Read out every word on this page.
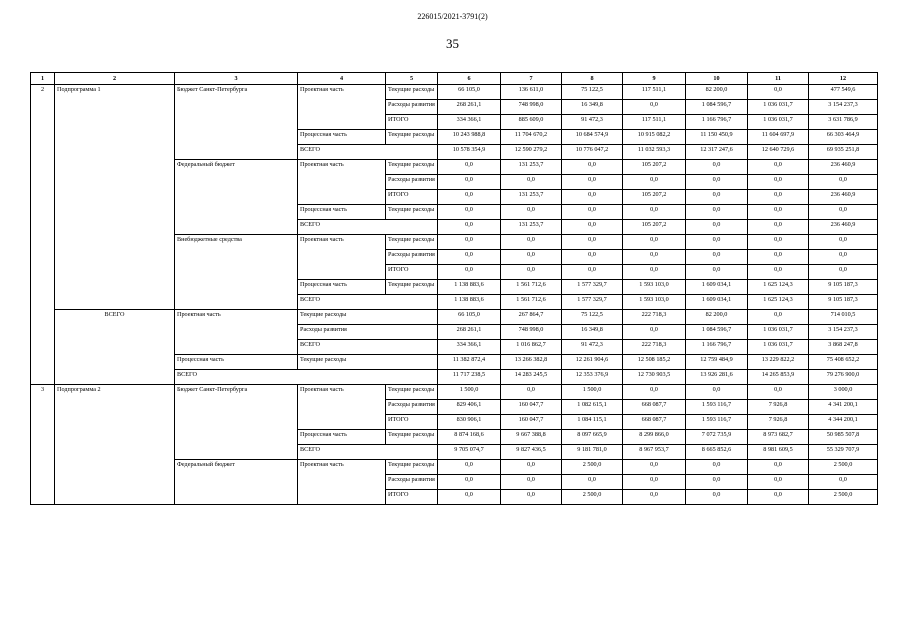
226015/2021-3791(2)
35
1	2	3	4	5	6	7	8	9	10	11	12
2	Подпрограмма 1	Бюджет Санкт-Петербурга	Проектная часть	Текущие расходы	66 105,0	136 611,0	75 122,5	117 511,1	82 200,0	0,0	477 549,6
				Расходы развития	268 261,1	748 998,0	16 349,8	0,0	1 084 596,7	1 036 031,7	3 154 237,3
				ИТОГО	334 366,1	885 609,0	91 472,3	117 511,1	1 166 796,7	1 036 031,7	3 631 786,9
			Процессная часть	Текущие расходы	10 243 988,8	11 704 670,2	10 684 574,9	10 915 082,2	11 150 450,9	11 604 697,9	66 303 464,9
			ВСЕГО		10 578 354,9	12 590 279,2	10 776 047,2	11 032 593,3	12 317 247,6	12 640 729,6	69 935 251,8
		Федеральный бюджет	Проектная часть	Текущие расходы	0,0	131 253,7	0,0	105 207,2	0,0	0,0	236 460,9
				Расходы развития	0,0	0,0	0,0	0,0	0,0	0,0	0,0
				ИТОГО	0,0	131 253,7	0,0	105 207,2	0,0	0,0	236 460,9
			Процессная часть	Текущие расходы	0,0	0,0	0,0	0,0	0,0	0,0	0,0
			ВСЕГО		0,0	131 253,7	0,0	105 207,2	0,0	0,0	236 460,9
		Внебюджетные средства	Проектная часть	Текущие расходы	0,0	0,0	0,0	0,0	0,0	0,0	0,0
				Расходы развития	0,0	0,0	0,0	0,0	0,0	0,0	0,0
				ИТОГО	0,0	0,0	0,0	0,0	0,0	0,0	0,0
			Процессная часть	Текущие расходы	1 138 883,6	1 561 712,6	1 577 329,7	1 593 103,0	1 609 034,1	1 625 124,3	9 105 187,3
			ВСЕГО		1 138 883,6	1 561 712,6	1 577 329,7	1 593 103,0	1 609 034,1	1 625 124,3	9 105 187,3
	ВСЕГО	Проектная часть	Текущие расходы		66 105,0	267 864,7	75 122,5	222 718,3	82 200,0	0,0	714 010,5
			Расходы развития		268 261,1	748 998,0	16 349,8	0,0	1 084 596,7	1 036 031,7	3 154 237,3
			ВСЕГО		334 366,1	1 016 862,7	91 472,3	222 718,3	1 166 796,7	1 036 031,7	3 868 247,8
		Процессная часть	Текущие расходы		11 382 872,4	13 266 382,8	12 261 904,6	12 508 185,2	12 759 484,9	13 229 822,2	75 408 652,2
		ВСЕГО			11 717 238,5	14 283 245,5	12 353 376,9	12 730 903,5	13 926 281,6	14 265 853,9	79 276 900,0
3	Подпрограмма 2	Бюджет Санкт-Петербурга	Проектная часть	Текущие расходы	1 500,0	0,0	1 500,0	0,0	0,0	0,0	3 000,0
				Расходы развития	829 406,1	160 047,7	1 082 615,1	668 087,7	1 593 116,7	7 926,8	4 341 200,1
				ИТОГО	830 906,1	160 047,7	1 084 115,1	668 087,7	1 593 116,7	7 926,8	4 344 200,1
			Процессная часть	Текущие расходы	8 874 168,6	9 667 388,8	8 097 665,9	8 299 866,0	7 072 735,9	8 973 682,7	50 985 507,8
			ВСЕГО		9 705 074,7	9 827 436,5	9 181 781,0	8 967 953,7	8 665 852,6	8 981 609,5	55 329 707,9
		Федеральный бюджет	Проектная часть	Текущие расходы	0,0	0,0	2 500,0	0,0	0,0	0,0	2 500,0
				Расходы развития	0,0	0,0	0,0	0,0	0,0	0,0	0,0
				ИТОГО	0,0	0,0	2 500,0	0,0	0,0	0,0	2 500,0
